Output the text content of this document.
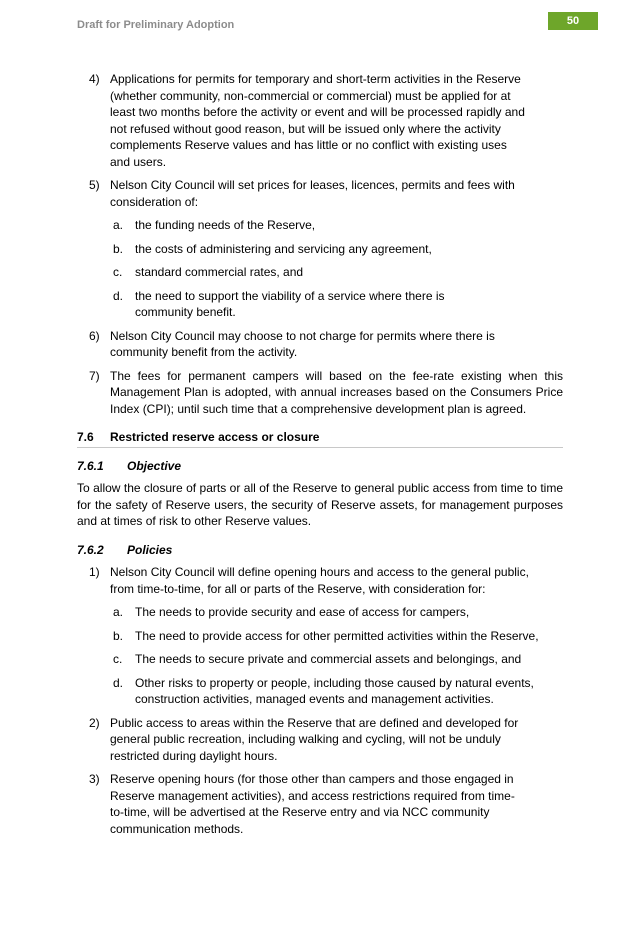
Draft for Preliminary Adoption	50
4) Applications for permits for temporary and short-term activities in the Reserve (whether community, non-commercial or commercial) must be applied for at least two months before the activity or event and will be processed rapidly and not refused without good reason, but will be issued only where the activity complements Reserve values and has little or no conflict with existing uses and users.
5) Nelson City Council will set prices for leases, licences, permits and fees with consideration of:
a. the funding needs of the Reserve,
b. the costs of administering and servicing any agreement,
c.	standard commercial rates, and
d. the need to support the viability of a service where there is community benefit.
6) Nelson City Council may choose to not charge for permits where there is community benefit from the activity.
7) The fees for permanent campers will based on the fee-rate existing when this Management Plan is adopted, with annual increases based on the Consumers Price Index (CPI); until such time that a comprehensive development plan is agreed.
7.6	Restricted reserve access or closure
7.6.1	Objective
To allow the closure of parts or all of the Reserve to general public access from time to time for the safety of Reserve users, the security of Reserve assets, for management purposes and at times of risk to other Reserve values.
7.6.2	Policies
1) Nelson City Council will define opening hours and access to the general public, from time-to-time, for all or parts of the Reserve, with consideration for:
a. The needs to provide security and ease of access for campers,
b. The need to provide access for other permitted activities within the Reserve,
c.	The needs to secure private and commercial assets and belongings, and
d. Other risks to property or people, including those caused by natural events, construction activities, managed events and management activities.
2) Public access to areas within the Reserve that are defined and developed for general public recreation, including walking and cycling, will not be unduly restricted during daylight hours.
3) Reserve opening hours (for those other than campers and those engaged in Reserve management activities), and access restrictions required from time-to-time, will be advertised at the Reserve entry and via NCC community communication methods.
